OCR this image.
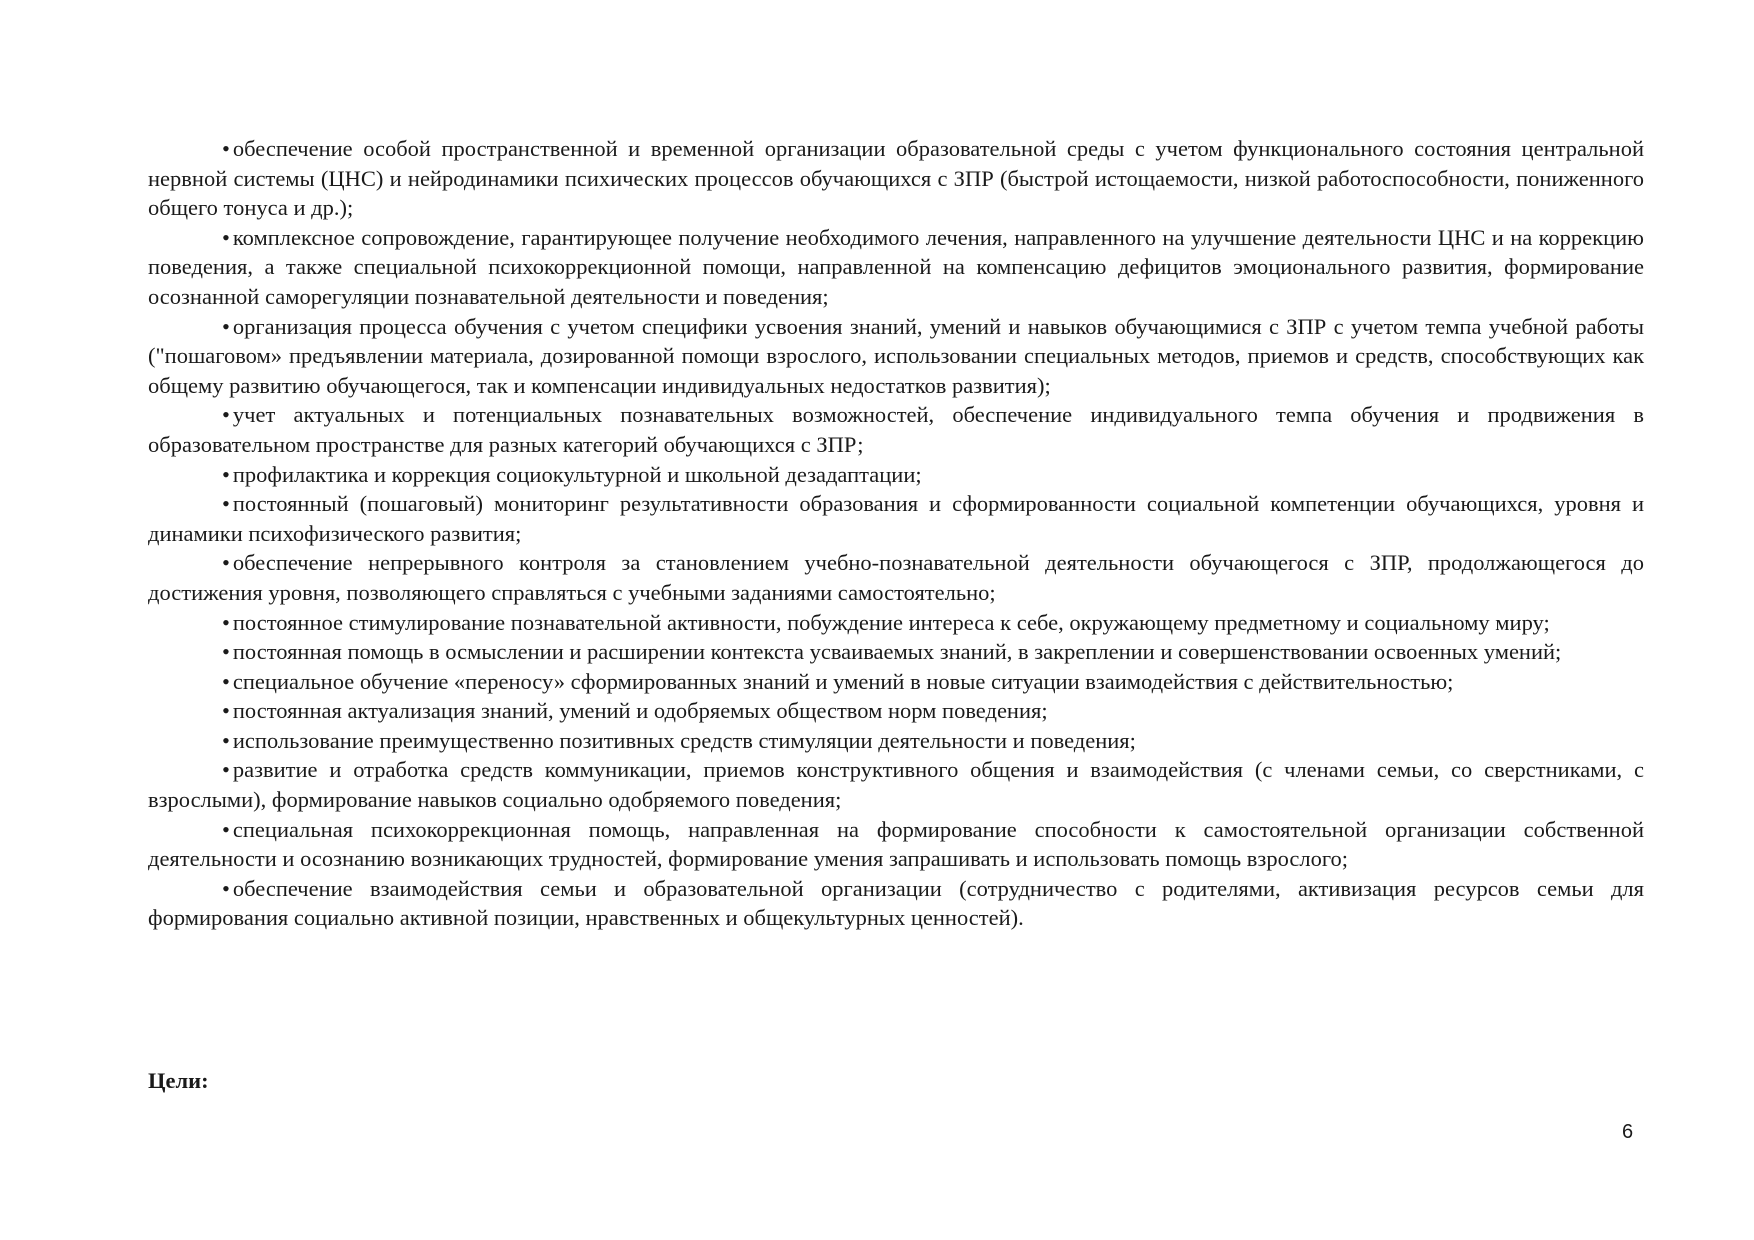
• обеспечение особой пространственной и временной организации образовательной среды с учетом функционального состояния центральной нервной системы (ЦНС) и нейродинамики психических процессов обучающихся с ЗПР (быстрой истощаемости, низкой работоспособности, пониженного общего тонуса и др.);

• комплексное сопровождение, гарантирующее получение необходимого лечения, направленного на улучшение деятельности ЦНС и на коррекцию поведения, а также специальной психокоррекционной помощи, направленной на компенсацию дефицитов эмоционального развития, формирование осознанной саморегуляции познавательной деятельности и поведения;

• организация процесса обучения с учетом специфики усвоения знаний, умений и навыков обучающимися с ЗПР с учетом темпа учебной работы ("пошаговом» предъявлении материала, дозированной помощи взрослого, использовании специальных методов, приемов и средств, способствующих как общему развитию обучающегося, так и компенсации индивидуальных недостатков развития);

• учет актуальных и потенциальных познавательных возможностей, обеспечение индивидуального темпа обучения и продвижения в образовательном пространстве для разных категорий обучающихся с ЗПР;

• профилактика и коррекция социокультурной и школьной дезадаптации;

• постоянный (пошаговый) мониторинг результативности образования и сформированности социальной компетенции обучающихся, уровня и динамики психофизического развития;

• обеспечение непрерывного контроля за становлением учебно-познавательной деятельности обучающегося с ЗПР, продолжающегося до достижения уровня, позволяющего справляться с учебными заданиями самостоятельно;

• постоянное стимулирование познавательной активности, побуждение интереса к себе, окружающему предметному и социальному миру;

• постоянная помощь в осмыслении и расширении контекста усваиваемых знаний, в закреплении и совершенствовании освоенных умений;

• специальное обучение «переносу» сформированных знаний и умений в новые ситуации взаимодействия с действительностью;

• постоянная актуализация знаний, умений и одобряемых обществом норм поведения;

• использование преимущественно позитивных средств стимуляции деятельности и поведения;

• развитие и отработка средств коммуникации, приемов конструктивного общения и взаимодействия (с членами семьи, со сверстниками, с взрослыми), формирование навыков социально одобряемого поведения;

• специальная психокоррекционная помощь, направленная на формирование способности к самостоятельной организации собственной деятельности и осознанию возникающих трудностей, формирование умения запрашивать и использовать помощь взрослого;

• обеспечение взаимодействия семьи и образовательной организации (сотрудничество с родителями, активизация ресурсов семьи для формирования социально активной позиции, нравственных и общекультурных ценностей).

Цели:

6
